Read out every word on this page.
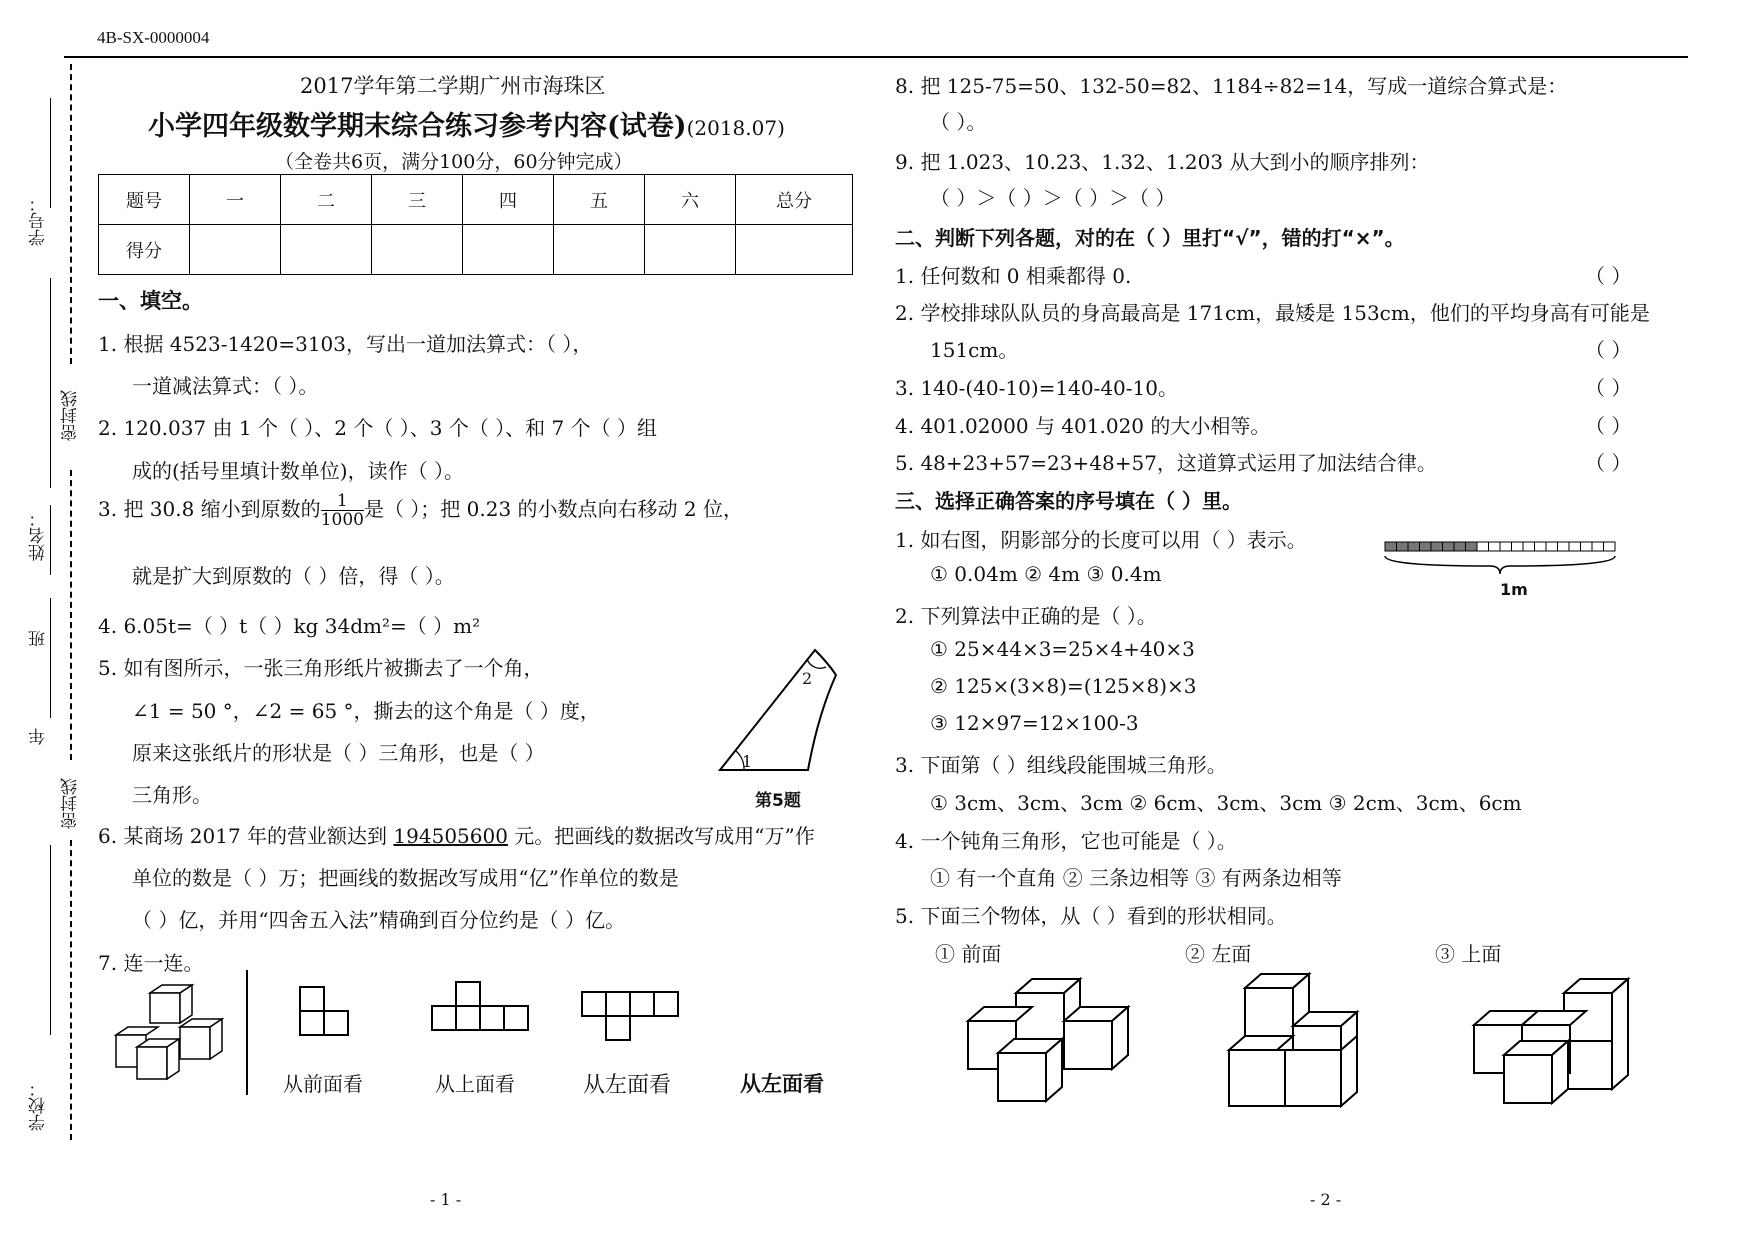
4B-SX-0000004
学号：
密封线
姓名：
班
年
密封线
学校：
2017学年第二学期广州市海珠区
小学四年级数学期末综合练习参考内容(试卷)(2018.07)
（全卷共6页，满分100分，60分钟完成）
题号	一	二	三	四	五	六	总分
得分							
一、填空。
1. 根据 4523-1420=3103，写出一道加法算式：（ ），
一道减法算式：（ ）。
2. 120.037 由 1 个（ ）、2 个（ ）、3 个（ ）、和 7 个（ ）组
成的(括号里填计数单位)，读作（ ）。
3. 把 30.8 缩小到原数的 $\frac{1}{1000}$ 是（ ）；把 0.23 的小数点向右移动 2 位，
就是扩大到原数的（ ）倍，得（ ）。
4. 6.05t=（ ）t（ ）kg 34dm²=（ ）m²
5. 如有图所示，一张三角形纸片被撕去了一个角，
∠1 = 50 °，∠2 = 65 °，撕去的这个角是（ ）度，
原来这张纸片的形状是（ ）三角形，也是（ ）
三角形。
1
2
第5题
6. 某商场 2017 年的营业额达到 194505600 元。把画线的数据改写成用“万”作
单位的数是（ ）万；把画线的数据改写成用“亿”作单位的数是
（ ）亿，并用“四舍五入法”精确到百分位约是（ ）亿。
7. 连一连。
从前面看	从上面看	从左面看	从左面看
- 1 -
8. 把 125-75=50、132-50=82、1184÷82=14，写成一道综合算式是：
（ ）。
9. 把 1.023、10.23、1.32、1.203 从大到小的顺序排列：
（ ）＞（ ）＞（ ）＞（ ）
二、判断下列各题，对的在（ ）里打“√”，错的打“×”。
1. 任何数和 0 相乘都得 0.	（ ）
2. 学校排球队队员的身高最高是 171cm，最矮是 153cm，他们的平均身高有可能是
151cm。	（ ）
3. 140-(40-10)=140-40-10。	（ ）
4. 401.02000 与 401.020 的大小相等。	（ ）
5. 48+23+57=23+48+57，这道算式运用了加法结合律。	（ ）
三、选择正确答案的序号填在（ ）里。
1. 如右图，阴影部分的长度可以用（ ）表示。
① 0.04m ② 4m ③ 0.4m
1m
2. 下列算法中正确的是（ ）。
① 25×44×3=25×4+40×3
② 125×(3×8)=(125×8)×3
③ 12×97=12×100-3
3. 下面第（ ）组线段能围城三角形。
① 3cm、3cm、3cm ② 6cm、3cm、3cm ③ 2cm、3cm、6cm
4. 一个钝角三角形，它也可能是（ ）。
① 有一个直角 ② 三条边相等 ③ 有两条边相等
5. 下面三个物体，从（ ）看到的形状相同。
① 前面	② 左面	③ 上面
- 2 -
